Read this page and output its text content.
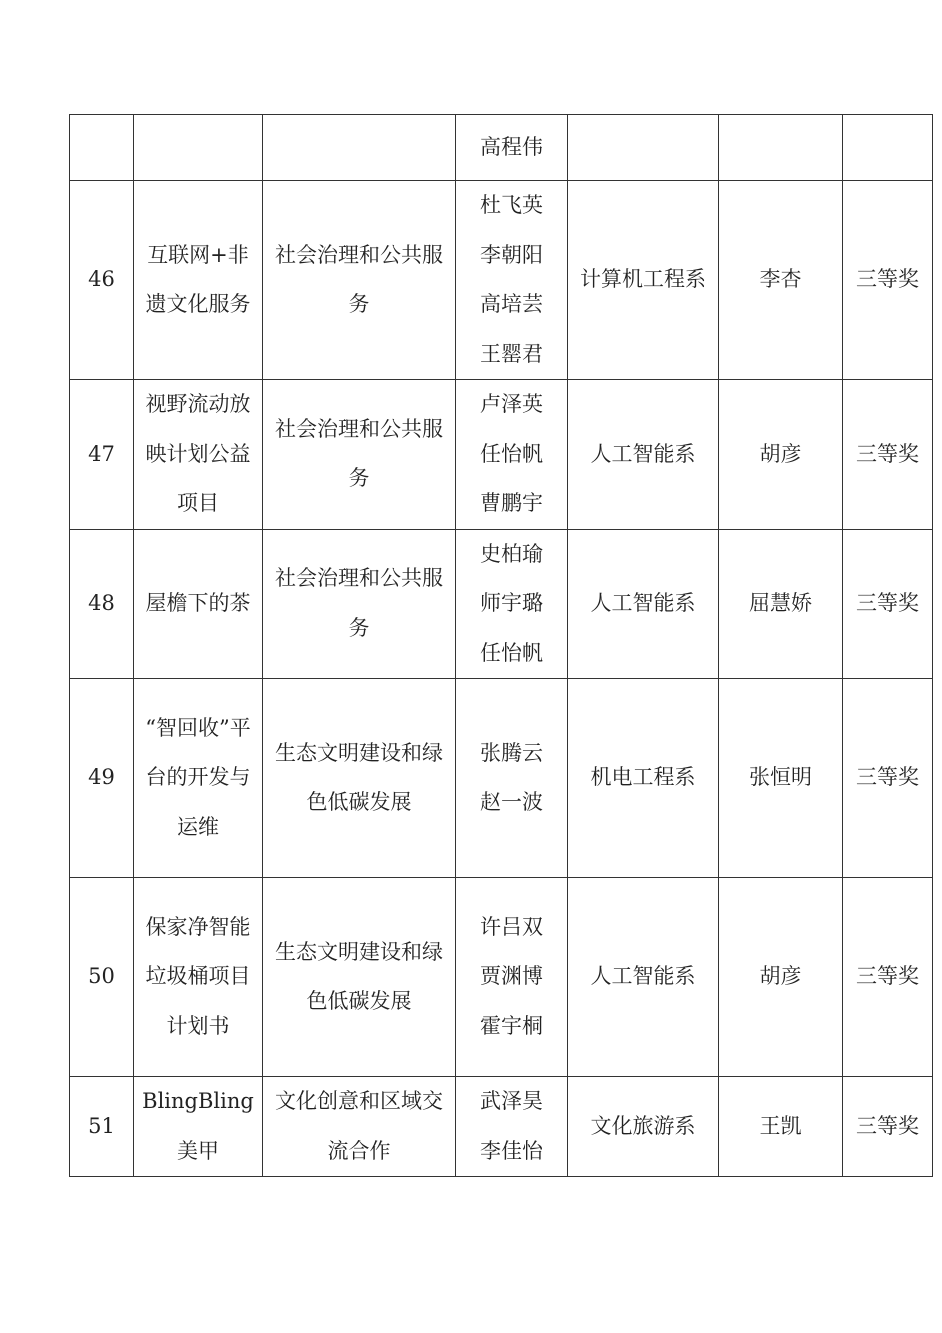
			高程伟			

46	互联网+非遗文化服务	社会治理和公共服务	杜飞英
李朝阳
高培芸
王罂君	计算机工程系	李杏	三等奖
47	视野流动放映计划公益项目	社会治理和公共服务	卢泽英
任怡帆
曹鹏宇	人工智能系	胡彦	三等奖
48	屋檐下的茶	社会治理和公共服务	史柏瑜
师宇璐
任怡帆	人工智能系	屈慧娇	三等奖
49	“智回收”平台的开发与运维	生态文明建设和绿色低碳发展	张腾云
赵一波	机电工程系	张恒明	三等奖
50	保家净智能垃圾桶项目计划书	生态文明建设和绿色低碳发展	许吕双
贾渊博
霍宇桐	人工智能系	胡彦	三等奖
51	BlingBling美甲	文化创意和区域交流合作	武泽昊
李佳怡	文化旅游系	王凯	三等奖
